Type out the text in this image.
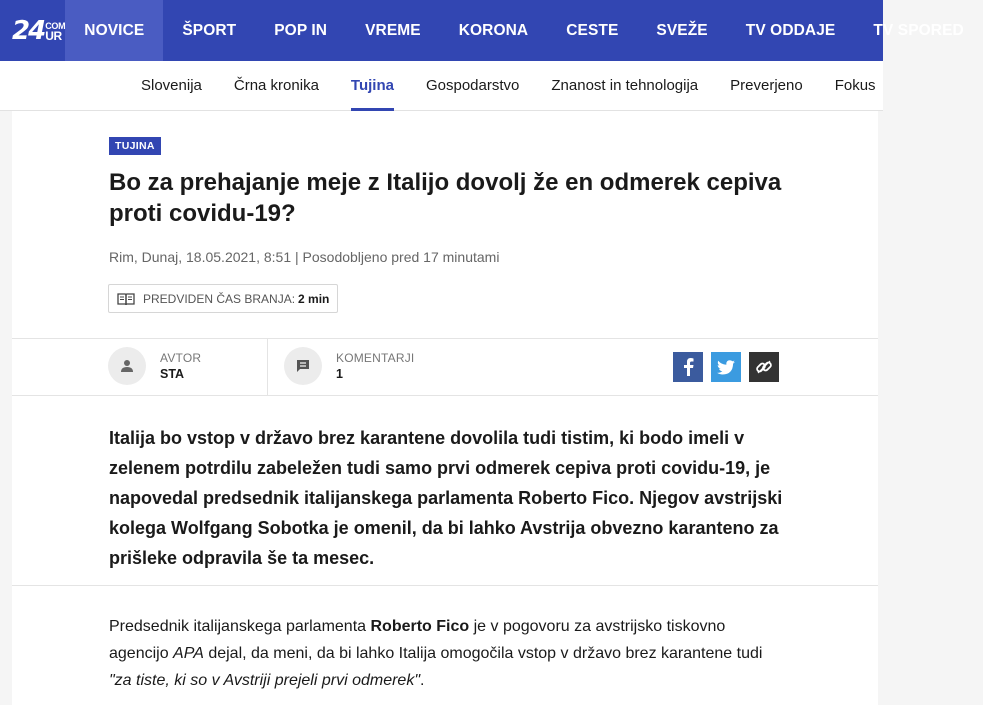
24 COM
UR	NOVICE	ŠPORT	POP IN	VREME	KORONA	CESTE	SVEŽE	TV ODDAJE	TV SPORED
Slovenija Črna kronika Tujina Gospodarstvo Znanost in tehnologija Preverjeno Fokus
TUJINA
Bo za prehajanje meje z Italijo dovolj že en odmerek cepiva proti covidu-19?
Rim, Dunaj, 18.05.2021, 8:51 | Posodobljeno pred 17 minutami
PREDVIDEN ČAS BRANJA: 2 min
AVTOR
STA
KOMENTARJI
1

Italija bo vstop v državo brez karantene dovolila tudi tistim, ki bodo imeli v zelenem potrdilu zabeležen tudi samo prvi odmerek cepiva proti covidu-19, je napovedal predsednik italijanskega parlamenta Roberto Fico. Njegov avstrijski kolega Wolfgang Sobotka je omenil, da bi lahko Avstrija obvezno karanteno za prišleke odpravila še ta mesec.

Predsednik italijanskega parlamenta Roberto Fico je v pogovoru za avstrijsko tiskovno agencijo APA dejal, da meni, da bi lahko Italija omogočila vstop v državo brez karantene tudi "za tiste, ki so v Avstriji prejeli prvi odmerek".
